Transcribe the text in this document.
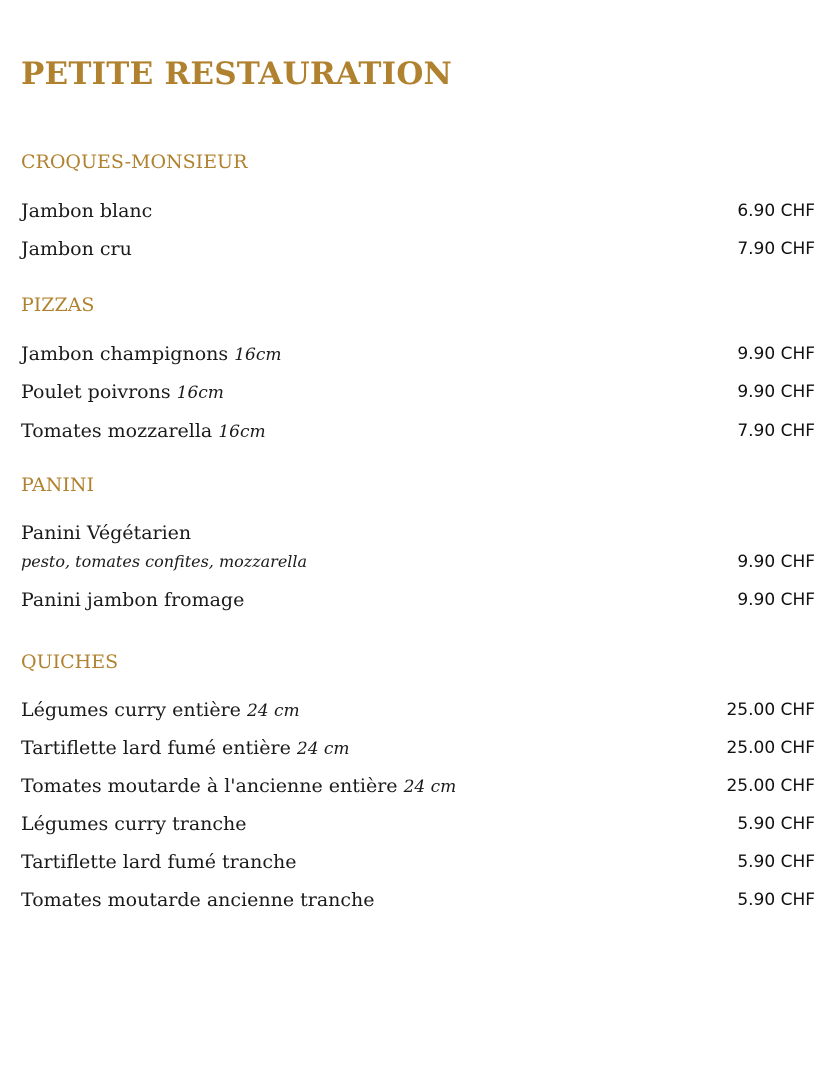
PETITE RESTAURATION
CROQUES-MONSIEUR
Jambon blanc	6.90 CHF
Jambon cru	7.90 CHF
PIZZAS
Jambon champignons 16cm	9.90 CHF
Poulet poivrons 16cm	9.90 CHF
Tomates mozzarella 16cm	7.90 CHF
PANINI
Panini Végétarien
pesto, tomates confites, mozzarella	9.90 CHF
Panini jambon fromage	9.90 CHF
QUICHES
Légumes curry entière 24 cm	25.00 CHF
Tartiflette lard fumé entière 24 cm	25.00 CHF
Tomates moutarde à l'ancienne entière 24 cm	25.00 CHF
Légumes curry tranche	5.90 CHF
Tartiflette lard fumé tranche	5.90 CHF
Tomates moutarde ancienne tranche	5.90 CHF
